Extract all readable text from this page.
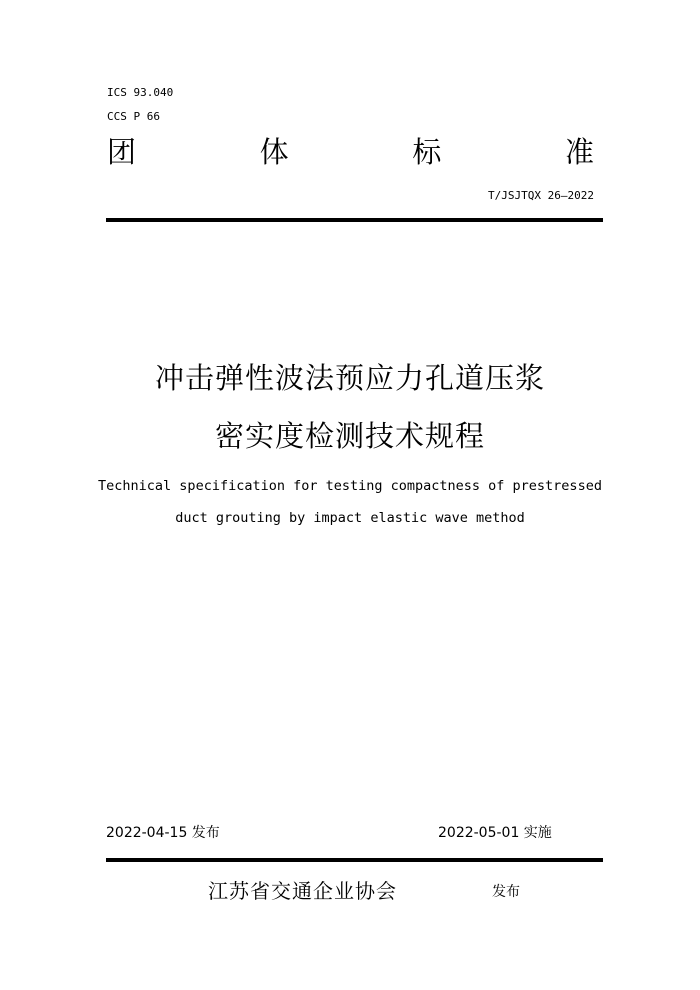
ICS 93.040
CCS P 66
团	体	标	准
T/JSJTQX 26—2022
冲击弹性波法预应力孔道压浆
密实度检测技术规程
Technical specification for testing compactness of prestressed
duct grouting by impact elastic wave method
2022-04-15 发布	2022-05-01 实施
江苏省交通企业协会	发布
